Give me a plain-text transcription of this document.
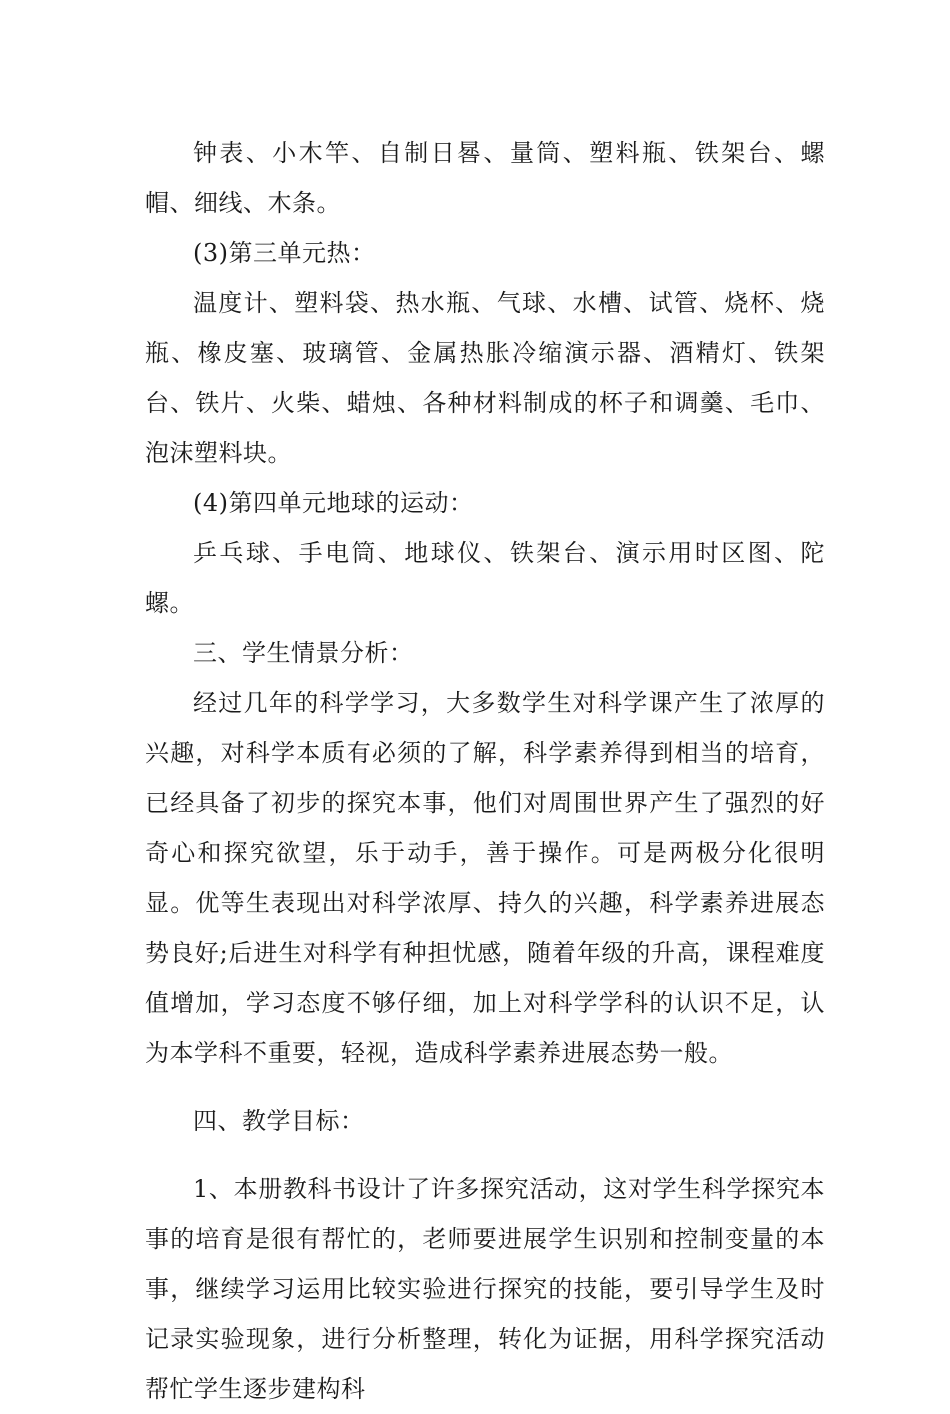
钟表、小木竿、自制日晷、量筒、塑料瓶、铁架台、螺帽、细线、木条。

(3)第三单元热：

温度计、塑料袋、热水瓶、气球、水槽、试管、烧杯、烧瓶、橡皮塞、玻璃管、金属热胀冷缩演示器、酒精灯、铁架台、铁片、火柴、蜡烛、各种材料制成的杯子和调羹、毛巾、泡沫塑料块。

(4)第四单元地球的运动：

乒乓球、手电筒、地球仪、铁架台、演示用时区图、陀螺。

三、学生情景分析：

经过几年的科学学习，大多数学生对科学课产生了浓厚的兴趣，对科学本质有必须的了解，科学素养得到相当的培育，已经具备了初步的探究本事，他们对周围世界产生了强烈的好奇心和探究欲望，乐于动手，善于操作。可是两极分化很明显。优等生表现出对科学浓厚、持久的兴趣，科学素养进展态势良好;后进生对科学有种担忧感，随着年级的升高，课程难度值增加，学习态度不够仔细，加上对科学学科的认识不足，认为本学科不重要，轻视，造成科学素养进展态势一般。

四、教学目标：

1、本册教科书设计了许多探究活动，这对学生科学探究本事的培育是很有帮忙的，老师要进展学生识别和控制变量的本事，继续学习运用比较实验进行探究的技能，要引导学生及时记录实验现象，进行分析整理，转化为证据，用科学探究活动帮忙学生逐步建构科
